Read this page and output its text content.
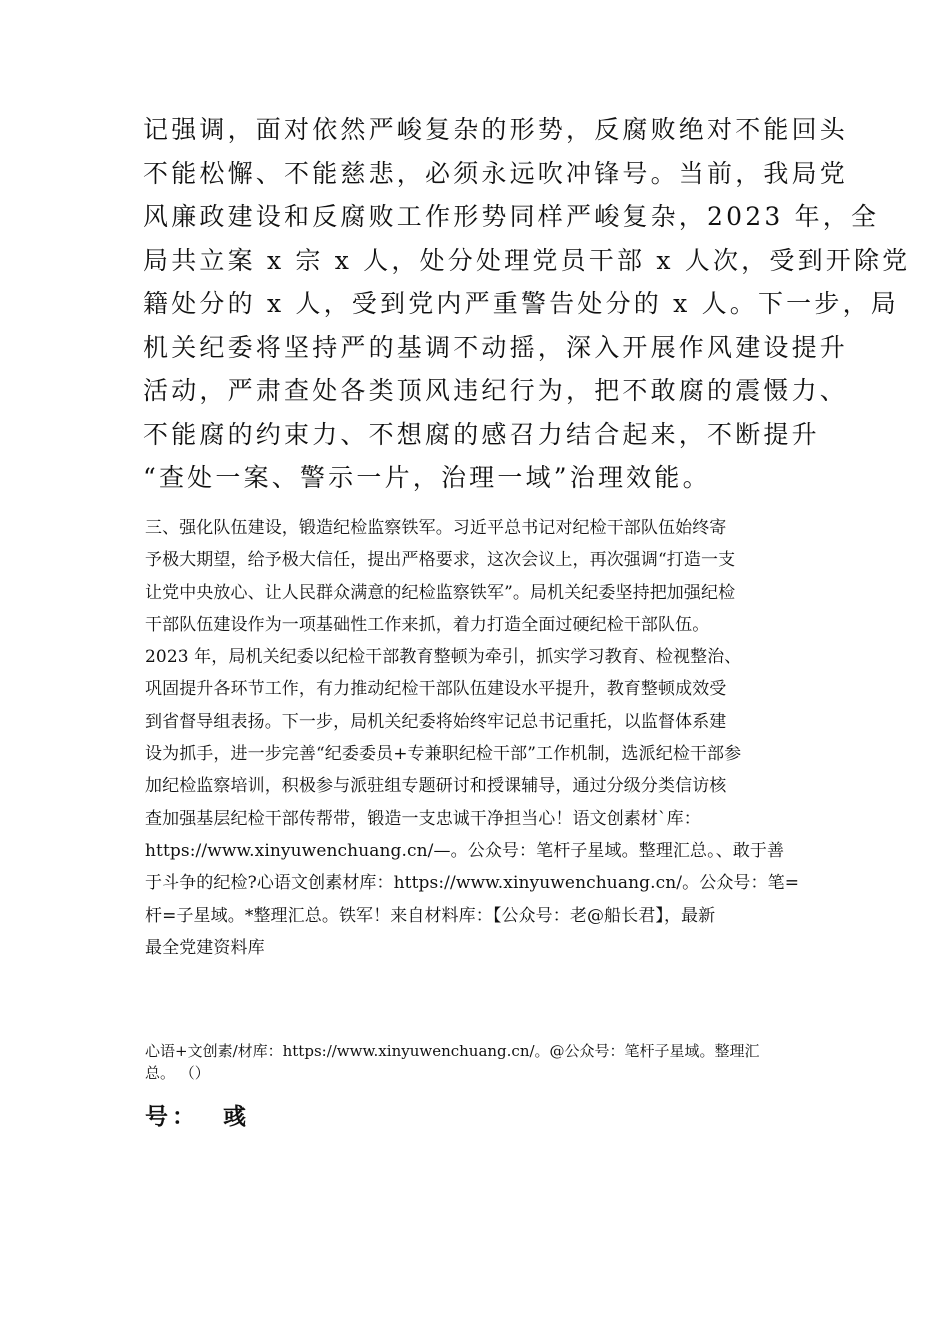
记强调，面对依然严峻复杂的形势，反腐败绝对不能回头
不能松懈、不能慈悲，必须永远吹冲锋号。当前，我局党
风廉政建设和反腐败工作形势同样严峻复杂，2023 年，全
局共立案 x 宗 x 人，处分处理党员干部 x 人次，受到开除党
籍处分的 x 人，受到党内严重警告处分的 x 人。下一步，局
机关纪委将坚持严的基调不动摇，深入开展作风建设提升
活动，严肃查处各类顶风违纪行为，把不敢腐的震慑力、
不能腐的约束力、不想腐的感召力结合起来，不断提升
“查处一案、警示一片，治理一域”治理效能。
三、强化队伍建设，锻造纪检监察铁军。习近平总书记对纪检干部队伍始终寄
予极大期望，给予极大信任，提出严格要求，这次会议上，再次强调“打造一支
让党中央放心、让人民群众满意的纪检监察铁军”。局机关纪委坚持把加强纪检
干部队伍建设作为一项基础性工作来抓，着力打造全面过硬纪检干部队伍。
2023 年，局机关纪委以纪检干部教育整顿为牵引，抓实学习教育、检视整治、
巩固提升各环节工作，有力推动纪检干部队伍建设水平提升，教育整顿成效受
到省督导组表扬。下一步，局机关纪委将始终牢记总书记重托，以监督体系建
设为抓手，进一步完善“纪委委员+专兼职纪检干部”工作机制，选派纪检干部参
加纪检监察培训，积极参与派驻组专题研讨和授课辅导，通过分级分类信访核
查加强基层纪检干部传帮带，锻造一支忠诚干净担当心！语文创素材`库：
https://www.xinyuwenchuang.cn/—。公众号：笔杆子星域。整理汇总。、敢于善
于斗争的纪检?心语文创素材库：https://www.xinyuwenchuang.cn/。公众号：笔=
杆=子星域。*整理汇总。铁军！来自材料库：【公众号：老@船长君】，最新
最全党建资料库
心语+文创素/材库：https://www.xinyuwenchuang.cn/。@公众号：笔杆子星域。整理汇
总。 （）
号：  彧
